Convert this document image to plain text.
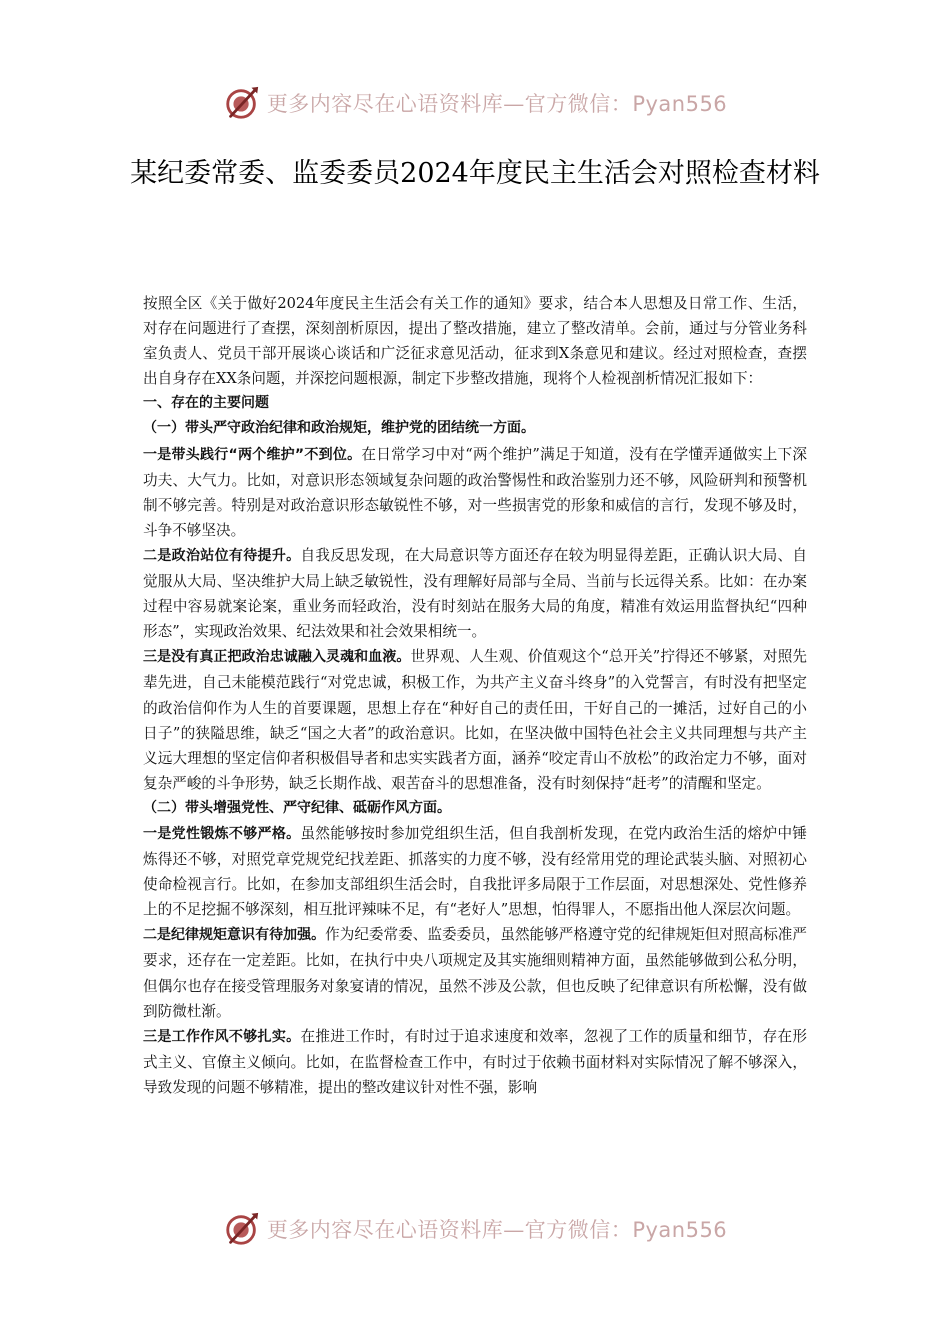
更多内容尽在心语资料库—官方微信：Pyan556
某纪委常委、监委委员2024年度民主生活会对照检查材料

按照全区《关于做好2024年度民主生活会有关工作的通知》要求，结合本人思想及日常工作、生活，对存在问题进行了查摆，深刻剖析原因，提出了整改措施，建立了整改清单。会前，通过与分管业务科室负责人、党员干部开展谈心谈话和广泛征求意见活动，征求到X条意见和建议。经过对照检查，查摆出自身存在XX条问题，并深挖问题根源，制定下步整改措施，现将个人检视剖析情况汇报如下：

一、存在的主要问题

（一）带头严守政治纪律和政治规矩，维护党的团结统一方面。

一是带头践行“两个维护”不到位。在日常学习中对“两个维护”满足于知道，没有在学懂弄通做实上下深功夫、大气力。比如，对意识形态领域复杂问题的政治警惕性和政治鉴别力还不够，风险研判和预警机制不够完善。特别是对政治意识形态敏锐性不够，对一些损害党的形象和威信的言行，发现不够及时，斗争不够坚决。

二是政治站位有待提升。自我反思发现，在大局意识等方面还存在较为明显得差距，正确认识大局、自觉服从大局、坚决维护大局上缺乏敏锐性，没有理解好局部与全局、当前与长远得关系。比如：在办案过程中容易就案论案，重业务而轻政治，没有时刻站在服务大局的角度，精准有效运用监督执纪“四种形态”，实现政治效果、纪法效果和社会效果相统一。

三是没有真正把政治忠诚融入灵魂和血液。世界观、人生观、价值观这个“总开关”拧得还不够紧，对照先辈先进，自己未能模范践行“对党忠诚，积极工作，为共产主义奋斗终身”的入党誓言，有时没有把坚定的政治信仰作为人生的首要课题，思想上存在“种好自己的责任田，干好自己的一摊活，过好自己的小日子”的狭隘思维，缺乏“国之大者”的政治意识。比如，在坚决做中国特色社会主义共同理想与共产主义远大理想的坚定信仰者积极倡导者和忠实实践者方面，涵养“咬定青山不放松”的政治定力不够，面对复杂严峻的斗争形势，缺乏长期作战、艰苦奋斗的思想准备，没有时刻保持“赶考”的清醒和坚定。

（二）带头增强党性、严守纪律、砥砺作风方面。

一是党性锻炼不够严格。虽然能够按时参加党组织生活，但自我剖析发现，在党内政治生活的熔炉中锤炼得还不够，对照党章党规党纪找差距、抓落实的力度不够，没有经常用党的理论武装头脑、对照初心使命检视言行。比如，在参加支部组织生活会时，自我批评多局限于工作层面，对思想深处、党性修养上的不足挖掘不够深刻，相互批评辣味不足，有“老好人”思想，怕得罪人，不愿指出他人深层次问题。

二是纪律规矩意识有待加强。作为纪委常委、监委委员，虽然能够严格遵守党的纪律规矩但对照高标准严要求，还存在一定差距。比如，在执行中央八项规定及其实施细则精神方面，虽然能够做到公私分明，但偶尔也存在接受管理服务对象宴请的情况，虽然不涉及公款，但也反映了纪律意识有所松懈，没有做到防微杜渐。

三是工作作风不够扎实。在推进工作时，有时过于追求速度和效率，忽视了工作的质量和细节，存在形式主义、官僚主义倾向。比如，在监督检查工作中，有时过于依赖书面材料对实际情况了解不够深入，导致发现的问题不够精准，提出的整改建议针对性不强，影响

更多内容尽在心语资料库—官方微信：Pyan556
